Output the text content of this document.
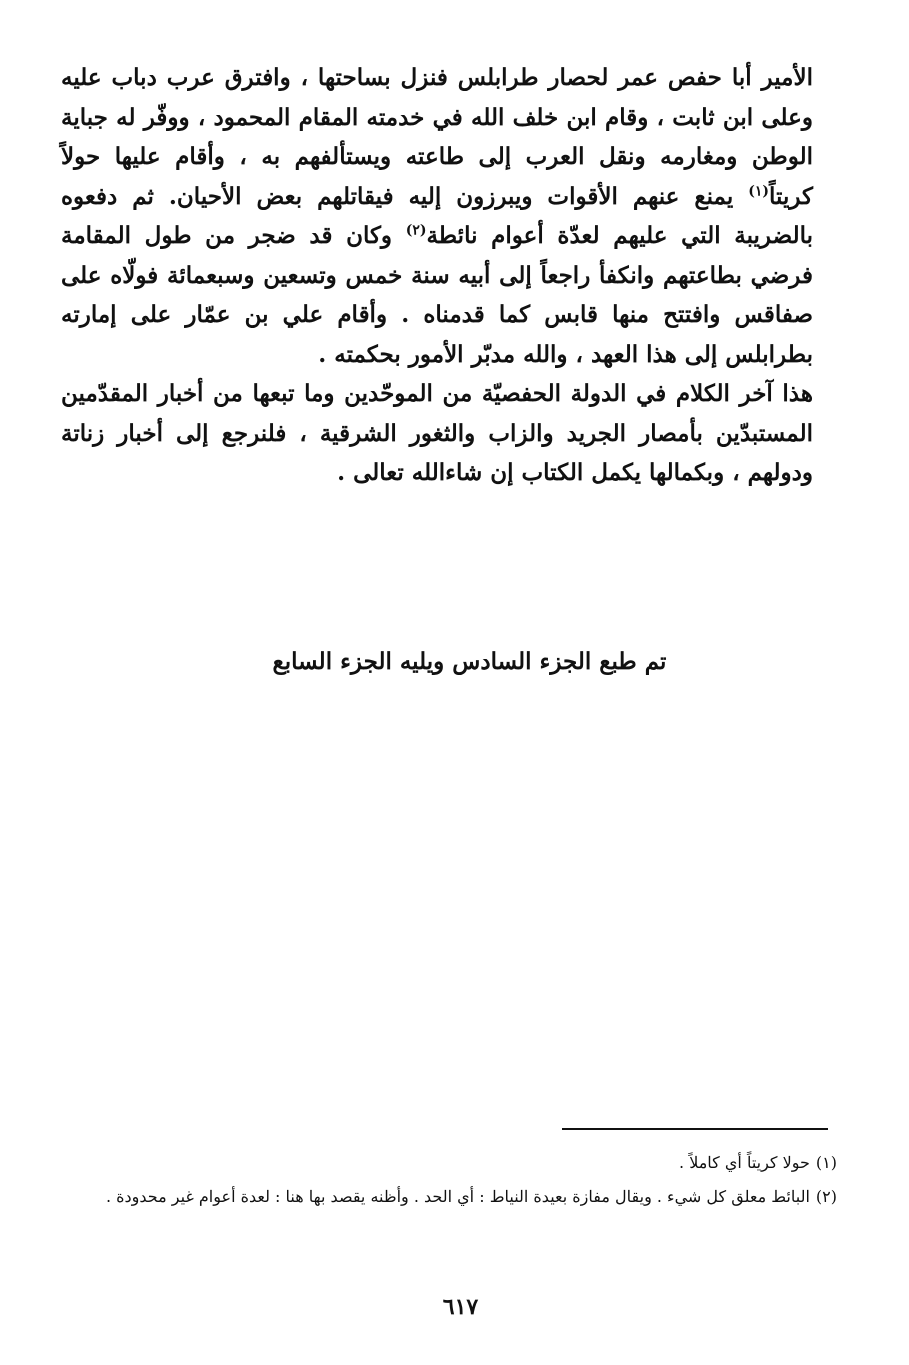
الأمير أبا حفص عمر لحصار طرابلس فنزل بساحتها ، وافترق عرب دباب عليه وعلى ابن ثابت ، وقام ابن خلف الله في خدمته المقام المحمود ، ووفّر له جباية الوطن ومغارمه ونقل العرب إلى طاعته ويستألفهم به ، وأقام عليها حولاً كريتاً$^{(١)}$ يمنع عنهم الأقوات ويبرزون إليه فيقاتلهم بعض الأحيان. ثم دفعوه بالضريبة التي عليهم لعدّة أعوام نائطة$^{(٢)}$ وكان قد ضجر من طول المقامة فرضي بطاعتهم وانكفأ راجعاً إلى أبيه سنة خمس وتسعين وسبعمائة فولّاه على صفاقس وافتتح منها قابس كما قدمناه . وأقام علي بن عمّار على إمارته بطرابلس إلى هذا العهد ، والله مدبّر الأمور بحكمته .

هذا آخر الكلام في الدولة الحفصيّة من الموحّدين وما تبعها من أخبار المقدّمين المستبدّين بأمصار الجريد والزاب والثغور الشرقية ، فلنرجع إلى أخبار زناتة ودولهم ، وبكمالها يكمل الكتاب إن شاءالله تعالى .

تم طبع الجزء السادس ويليه الجزء السابع

(١)حولا كريتاً أي كاملاً .

(٢)البائط معلق كل شيء . ويقال مفازة بعيدة النياط : أي الحد . وأظنه يقصد بها هنا : لعدة أعوام غير محدودة .

٦١٧
